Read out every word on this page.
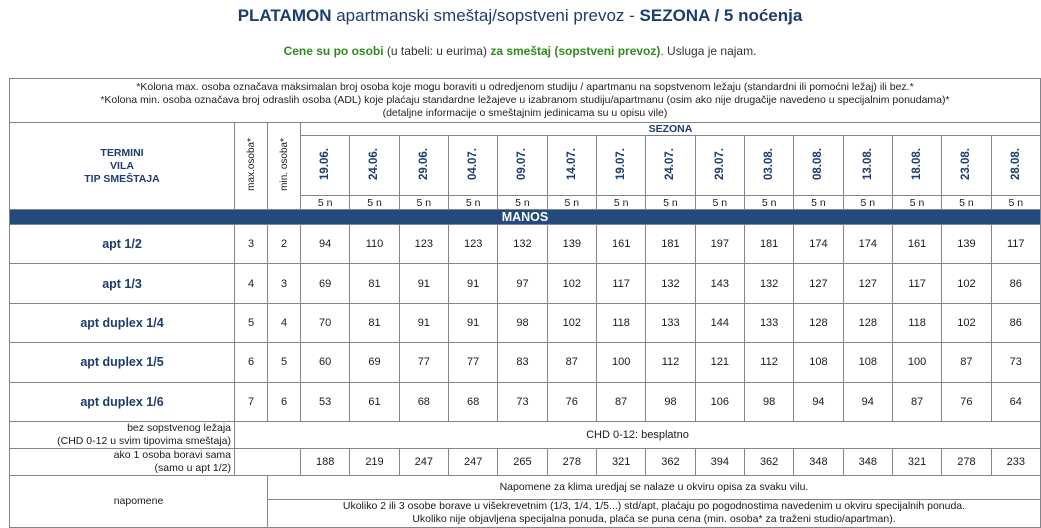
PLATAMON apartmanski smeštaj/sopstveni prevoz - SEZONA / 5 noćenja
Cene su po osobi (u tabeli: u eurima) za smeštaj (sopstveni prevoz). Usluga je najam.
*Kolona max. osoba označava maksimalan broj osoba koje mogu boraviti u odredjenom studiju / apartmanu na sopstvenom ležaju (standardni ili pomoćni ležaj) ili bez.*
*Kolona min. osoba označava broj odraslih osoba (ADL) koje plaćaju standardne ležajeve u izabranom studiju/apartmanu (osim ako nije drugačije navedeno u specijalnim ponudama)*
(detaljne informacije o smeštajnim jedinicama su u opisu vile)																	

TERMINI
VILA
TIP SMEŠTAJA	max.osoba*	min. osoba*	SEZONA														
			19.06.	24.06.	29.06.	04.07.	09.07.	14.07.	19.07.	24.07.	29.07.	03.08.	08.08.	13.08.	18.08.	23.08.	28.08.
			5 n	5 n	5 n	5 n	5 n	5 n	5 n	5 n	5 n	5 n	5 n	5 n	5 n	5 n	5 n
MANOS																	
apt 1/2	3	2	94	110	123	123	132	139	161	181	197	181	174	174	161	139	117
apt 1/3	4	3	69	81	91	91	97	102	117	132	143	132	127	127	117	102	86
apt duplex 1/4	5	4	70	81	91	91	98	102	118	133	144	133	128	128	118	102	86
apt duplex 1/5	6	5	60	69	77	77	83	87	100	112	121	112	108	108	100	87	73
apt duplex 1/6	7	6	53	61	68	68	73	76	87	98	106	98	94	94	87	76	64

bez sopstvenog ležaja
(CHD 0-12 u svim tipovima smeštaja)	CHD 0-12: besplatno																

ako 1 osoba boravi sama
(samo u apt 1/2)			188	219	247	247	265	278	321	362	394	362	348	348	321	278	233
napomene		Napomene za klima uredjaj se nalaze u okviru opisa za svaku vilu.															

		Ukoliko 2 ili 3 osobe borave u višekrevetnim (1/3, 1/4, 1/5...) std/apt, plaćaju po pogodnostima navedenim u okviru specijalnih ponuda.
Ukoliko nije objavljena specijalna ponuda, plaća se puna cena (min. osoba* za traženi studio/apartman).															
